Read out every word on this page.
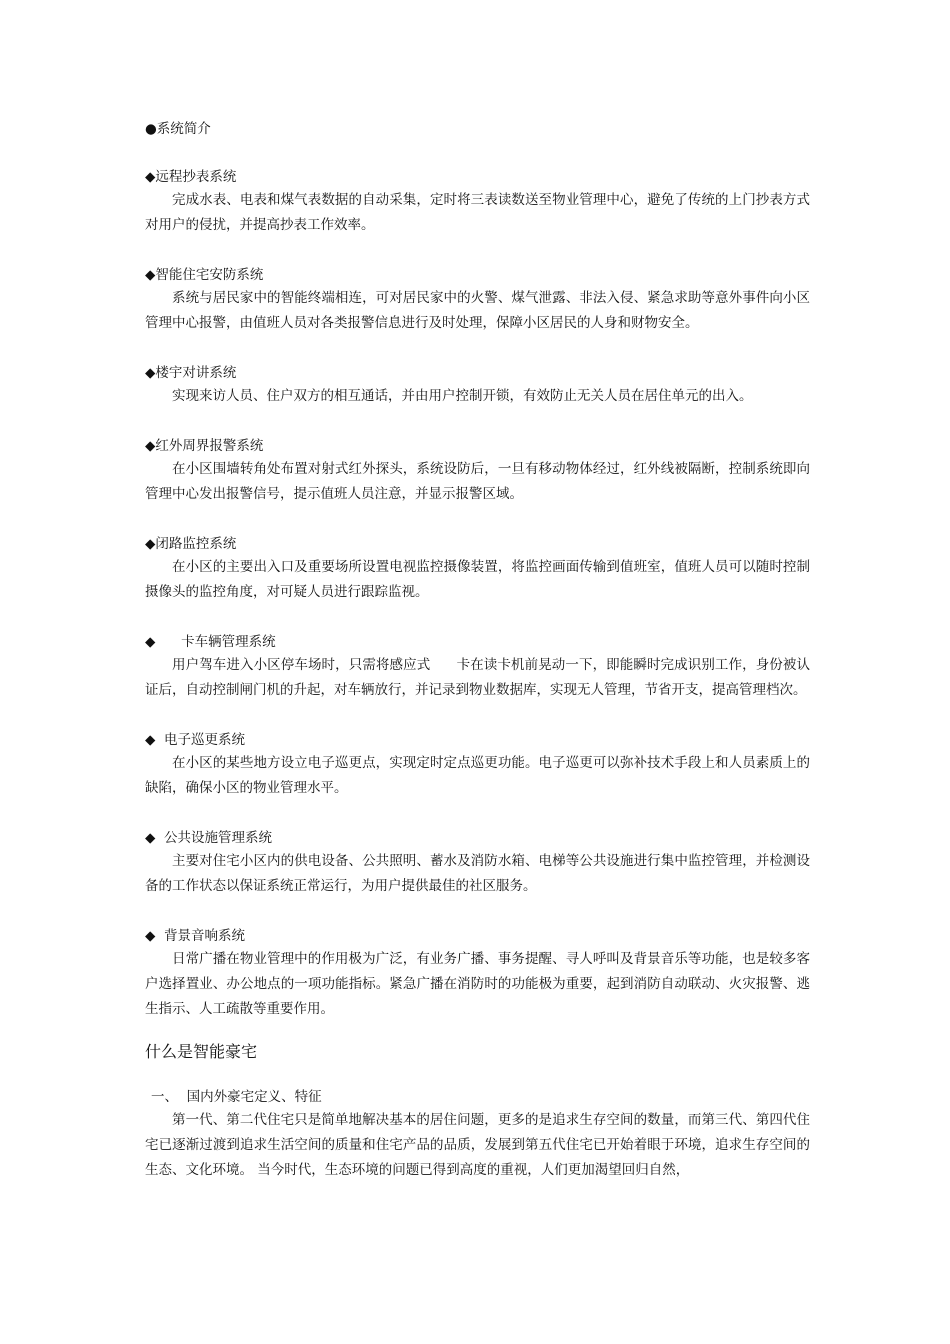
●系统简介

◆远程抄表系统

完成水表、电表和煤气表数据的自动采集，定时将三表读数送至物业管理中心，避免了传统的上门抄表方式对用户的侵扰，并提高抄表工作效率。

◆智能住宅安防系统

系统与居民家中的智能终端相连，可对居民家中的火警、煤气泄露、非法入侵、紧急求助等意外事件向小区管理中心报警，由值班人员对各类报警信息进行及时处理，保障小区居民的人身和财物安全。

◆楼宇对讲系统

实现来访人员、住户双方的相互通话，并由用户控制开锁，有效防止无关人员在居住单元的出入。

◆红外周界报警系统

在小区围墙转角处布置对射式红外探头，系统设防后，一旦有移动物体经过，红外线被隔断，控制系统即向管理中心发出报警信号，提示值班人员注意，并显示报警区域。

◆闭路监控系统

在小区的主要出入口及重要场所设置电视监控摄像装置，将监控画面传输到值班室，值班人员可以随时控制摄像头的监控角度，对可疑人员进行跟踪监视。

◆      卡车辆管理系统

用户驾车进入小区停车场时，只需将感应式      卡在读卡机前晃动一下，即能瞬时完成识别工作，身份被认证后，自动控制闸门机的升起，对车辆放行，并记录到物业数据库，实现无人管理，节省开支，提高管理档次。

◆  电子巡更系统

在小区的某些地方设立电子巡更点，实现定时定点巡更功能。电子巡更可以弥补技术手段上和人员素质上的缺陷，确保小区的物业管理水平。

◆  公共设施管理系统

主要对住宅小区内的供电设备、公共照明、蓄水及消防水箱、电梯等公共设施进行集中监控管理，并检测设备的工作状态以保证系统正常运行，为用户提供最佳的社区服务。

◆  背景音响系统

日常广播在物业管理中的作用极为广泛，有业务广播、事务提醒、寻人呼叫及背景音乐等功能，也是较多客户选择置业、办公地点的一项功能指标。紧急广播在消防时的功能极为重要，起到消防自动联动、火灾报警、逃生指示、人工疏散等重要作用。

什么是智能豪宅

一、  国内外豪宅定义、特征

第一代、第二代住宅只是简单地解决基本的居住问题，更多的是追求生存空间的数量，而第三代、第四代住宅已逐渐过渡到追求生活空间的质量和住宅产品的品质，发展到第五代住宅已开始着眼于环境，追求生存空间的生态、文化环境。 当今时代，生态环境的问题已得到高度的重视，人们更加渴望回归自然，
